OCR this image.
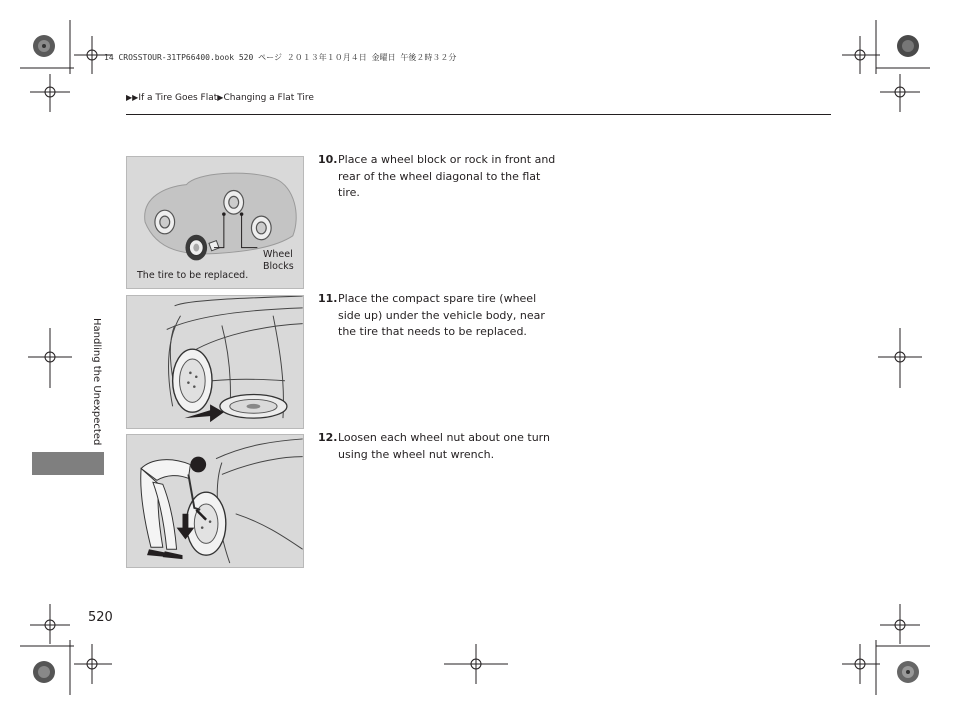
14 CROSSTOUR-31TP66400.book 520 ページ ２０１３年１０月４日 金曜日 午後２時３２分
▶▶If a Tire Goes Flat▶Changing a Flat Tire
Handling the Unexpected
520
Wheel
Blocks
The tire to be replaced.
10. Place a wheel block or rock in front and rear of the wheel diagonal to the flat tire.
11. Place the compact spare tire (wheel side up) under the vehicle body, near the tire that needs to be replaced.
12. Loosen each wheel nut about one turn using the wheel nut wrench.
